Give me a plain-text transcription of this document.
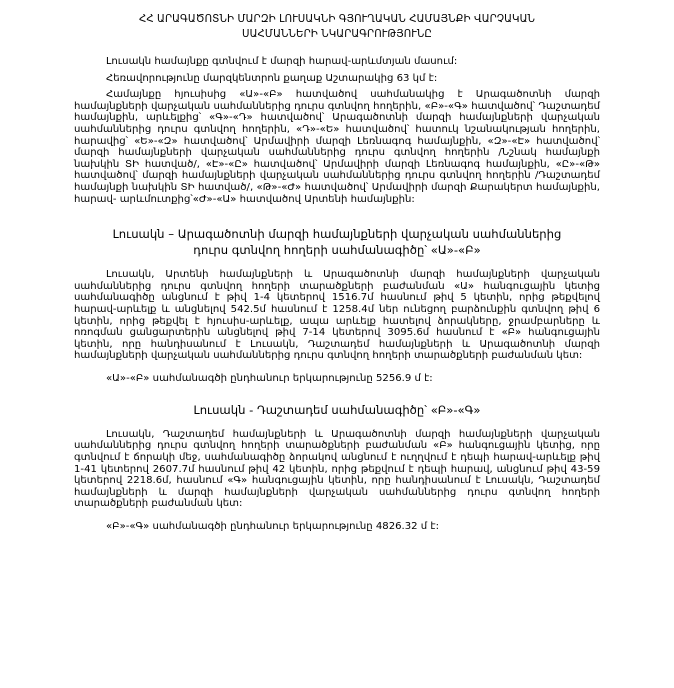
ՀՀ ԱՐԱԳԱԾՈՏՆԻ ՄԱՐԶԻ ԼՈՒՍԱԿՆԻ ԳՅՈՒՂԱԿԱՆ ՀԱՄԱՅՆՔԻ ՎԱՐՉԱԿԱՆ
ՍԱՀՄԱՆՆԵՐԻ ՆԿԱՐԱԳՐՈՒԹՅՈՒՆԸ

Լուսակն համայնքը գտնվում է մարզի հարավ-արևմտյան մասում:

Հեռավորությունը մարզկենտրոն քաղաք Աշտարակից 63 կմ է:

Համայնքը հյուսիսից «Ա»-«Բ» հատվածով սահմանակից է Արագածոտնի մարզի համայնքների վարչական սահմաններից դուրս գտնվող հողերին, «Բ»-«Գ» հատվածով՝ Դաշտադեմ համայնքին, արևելքից՝ «Գ»-«Դ» հատվածով՝ Արագածոտնի մարզի համայնքների վարչական սահմաններից դուրս գտնվող հողերին, «Դ»-«Ե» հատվածով՝ հատուկ նշանակության հողերին, հարավից՝ «Ե»-«Զ» հատվածով՝ Արմավիրի մարզի Լեռնագոգ համայնքին, «Զ»-«Է» հատվածով՝ մարզի համայնքների վարչական սահմաններից դուրս գտնվող հողերին /Նշնակ համայնքի նախկին ՏԻ հատված/, «Է»-«Ը» հատվածով՝ Արմավիրի մարզի Լեռնագոգ համայնքին, «Ը»-«Թ» հատվածով՝ մարզի համայնքների վարչական սահմաններից դուրս գտնվող հողերին /Դաշտադեմ համայնքի նախկին ՏԻ հատված/, «Թ»-«Ժ» հատվածով՝ Արմավիրի մարզի Քարակերտ համայնքին, հարավ- արևմուտքից՝«Ժ»-«Ա» հատվածով Արտենի համայնքին:

Լուսակն – Արագածոտնի մարզի համայնքների վարչական սահմաններից
դուրս գտնվող հողերի սահմանագիծը՝ «Ա»-«Բ»

Լուսակն, Արտենի համայնքների և Արագածոտնի մարզի համայնքների վարչական սահմաններից դուրս գտնվող հողերի տարածքների բաժանման «Ա» հանգուցային կետից սահմանագիծը անցնում է թիվ 1-4 կետերով 1516.7մ հասնում թիվ 5 կետին, որից թեքվելով հարավ-արևելք և անցնելով 542.5մ հասնում է 1258.4մ ներ ունեցող բարձունքին գտնվող թիվ 6 կետին, որից թեքվել է հյուսիս-արևելք, ապա արևելք հատելով ձորակները, ջրամբարները և ոռոգման ցանցարտերին անցնելով թիվ 7-14 կետերով 3095.6մ հասնում է «Բ» հանգուցային կետին, որը հանդիսանում է Լուսակն, Դաշտադեմ համայնքների և Արագածոտնի մարզի համայնքների վարչական սահմաններից դուրս գտնվող հողերի տարածքների բաժանման կետ:

«Ա»-«Բ» սահմանագծի ընդհանուր երկարությունը 5256.9 մ է:

Լուսակն - Դաշտադեմ սահմանագիծը՝ «Բ»-«Գ»

Լուսակն, Դաշտադեմ համայնքների և Արագածոտնի մարզի համայնքների վարչական սահմաններից դուրս գտնվող հողերի տարածքների բաժանման «Բ» հանգուցային կետից, որը գտնվում է ճորակի մեջ, սահմանագիծը ձորակով անցնում է ուղղվում է դեպի հարավ-արևելք թիվ 1-41 կետերով 2607.7մ հասնում թիվ 42 կետին, որից թեքվում է դեպի հարավ, անցնում թիվ 43-59 կետերով 2218.6մ, հասնում «Գ» հանգուցային կետին, որը հանդիսանում է Լուսակն, Դաշտադեմ համայնքների և մարզի համայնքների վարչական սահմաններից դուրս գտնվող հողերի տարածքների բաժանման կետ:

«Բ»-«Գ» սահմանագծի ընդհանուր երկարությունը 4826.32 մ է:
